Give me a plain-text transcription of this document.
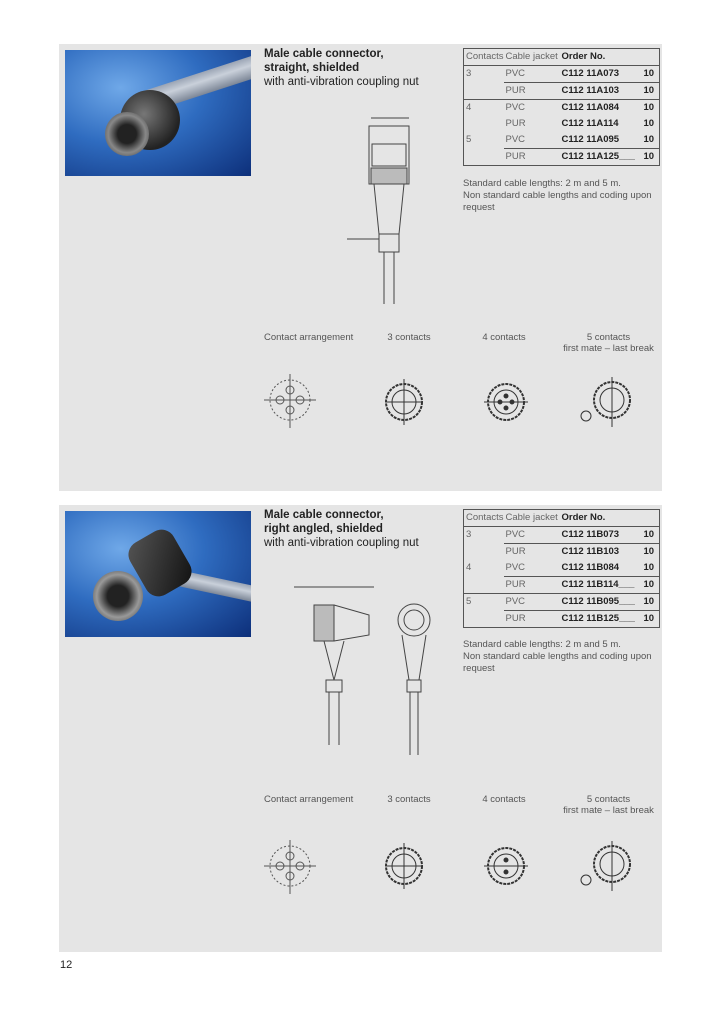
Male cable connector,
straight, shielded
with anti-vibration coupling nut
Contacts	Cable jacket	Order No.	
3	PVC	C112 11A073	10
	PUR	C112 11A103	10
4	PVC	C112 11A084	10
	PUR	C112 11A114	10
5	PVC	C112 11A095	10
	PUR	C112 11A125___	10
Standard cable lengths: 2 m and 5 m.
Non standard cable lengths and coding upon request
Contact arrangement	3 contacts	4 contacts	5 contacts
first mate – last break
Male cable connector,
right angled, shielded
with anti-vibration coupling nut
Contacts	Cable jacket	Order No.	
3	PVC	C112 11B073	10
	PUR	C112 11B103	10
4	PVC	C112 11B084	10
	PUR	C112 11B114___	10
5	PVC	C112 11B095___	10
	PUR	C112 11B125___	10
Standard cable lengths: 2 m and 5 m.
Non standard cable lengths and coding upon request
Contact arrangement	3 contacts	4 contacts	5 contacts
first mate – last break
12
